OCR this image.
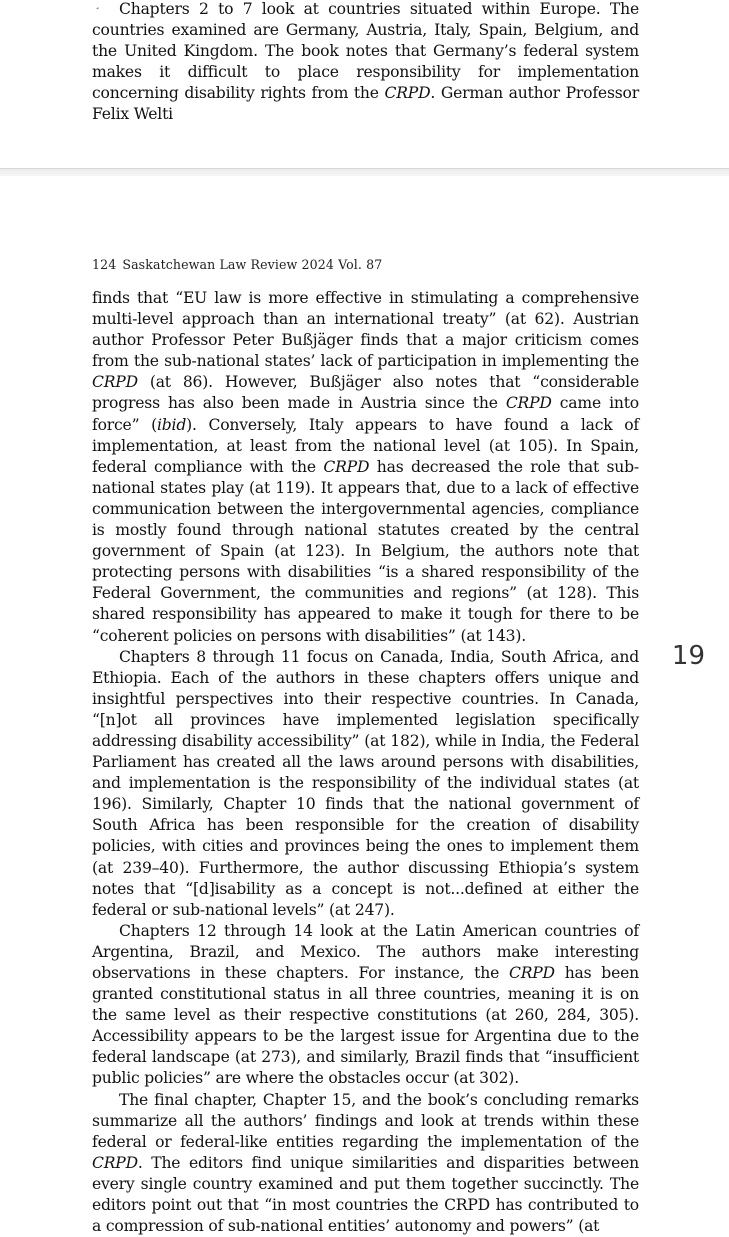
¸	Chapters 2 to 7 look at countries situated within Europe. The countries examined are Germany, Austria, Italy, Spain, Belgium, and the United Kingdom. The book notes that Germany’s federal system makes it difficult to place responsibility for implementation concerning disability rights from the CRPD. German author Professor Felix Welti

124 Saskatchewan Law Review 2024 Vol. 87

finds that “EU law is more effective in stimulating a comprehensive multi-level approach than an international treaty” (at 62). Austrian author Professor Peter Bußjäger finds that a major criticism comes from the sub-national states’ lack of participation in implementing the CRPD (at 86). However, Bußjäger also notes that “considerable progress has also been made in Austria since the CRPD came into force” (ibid). Conversely, Italy appears to have found a lack of implementation, at least from the national level (at 105). In Spain, federal compliance with the CRPD has decreased the role that sub-national states play (at 119). It appears that, due to a lack of effective communication between the intergovernmental agencies, compliance is mostly found through national statutes created by the central government of Spain (at 123). In Belgium, the authors note that protecting persons with disabilities “is a shared responsibility of the Federal Government, the communities and regions” (at 128). This shared responsibility has appeared to make it tough for there to be “coherent policies on persons with disabilities” (at 143).

Chapters 8 through 11 focus on Canada, India, South Africa, and Ethiopia. Each of the authors in these chapters offers unique and insightful perspectives into their respective countries. In Canada, “[n]ot all provinces have implemented legislation specifically addressing disability accessibility” (at 182), while in India, the Federal Parliament has created all the laws around persons with disabilities, and implementation is the responsibility of the individual states (at 196). Similarly, Chapter 10 finds that the national government of South Africa has been responsible for the creation of disability policies, with cities and provinces being the ones to implement them (at 239–40). Furthermore, the author discussing Ethiopia’s system notes that “[d]isability as a concept is not...defined at either the federal or sub-national levels” (at 247).

Chapters 12 through 14 look at the Latin American countries of Argentina, Brazil, and Mexico. The authors make interesting observations in these chapters. For instance, the CRPD has been granted constitutional status in all three countries, meaning it is on the same level as their respective constitutions (at 260, 284, 305). Accessibility appears to be the largest issue for Argentina due to the federal landscape (at 273), and similarly, Brazil finds that “insufficient public policies” are where the obstacles occur (at 302).

The final chapter, Chapter 15, and the book’s concluding remarks summarize all the authors’ findings and look at trends within these federal or federal-like entities regarding the implementation of the CRPD. The editors find unique similarities and disparities between every single country examined and put them together succinctly. The editors point out that “in most countries the CRPD has contributed to a compression of sub-national entities’ autonomy and powers” (at

19
